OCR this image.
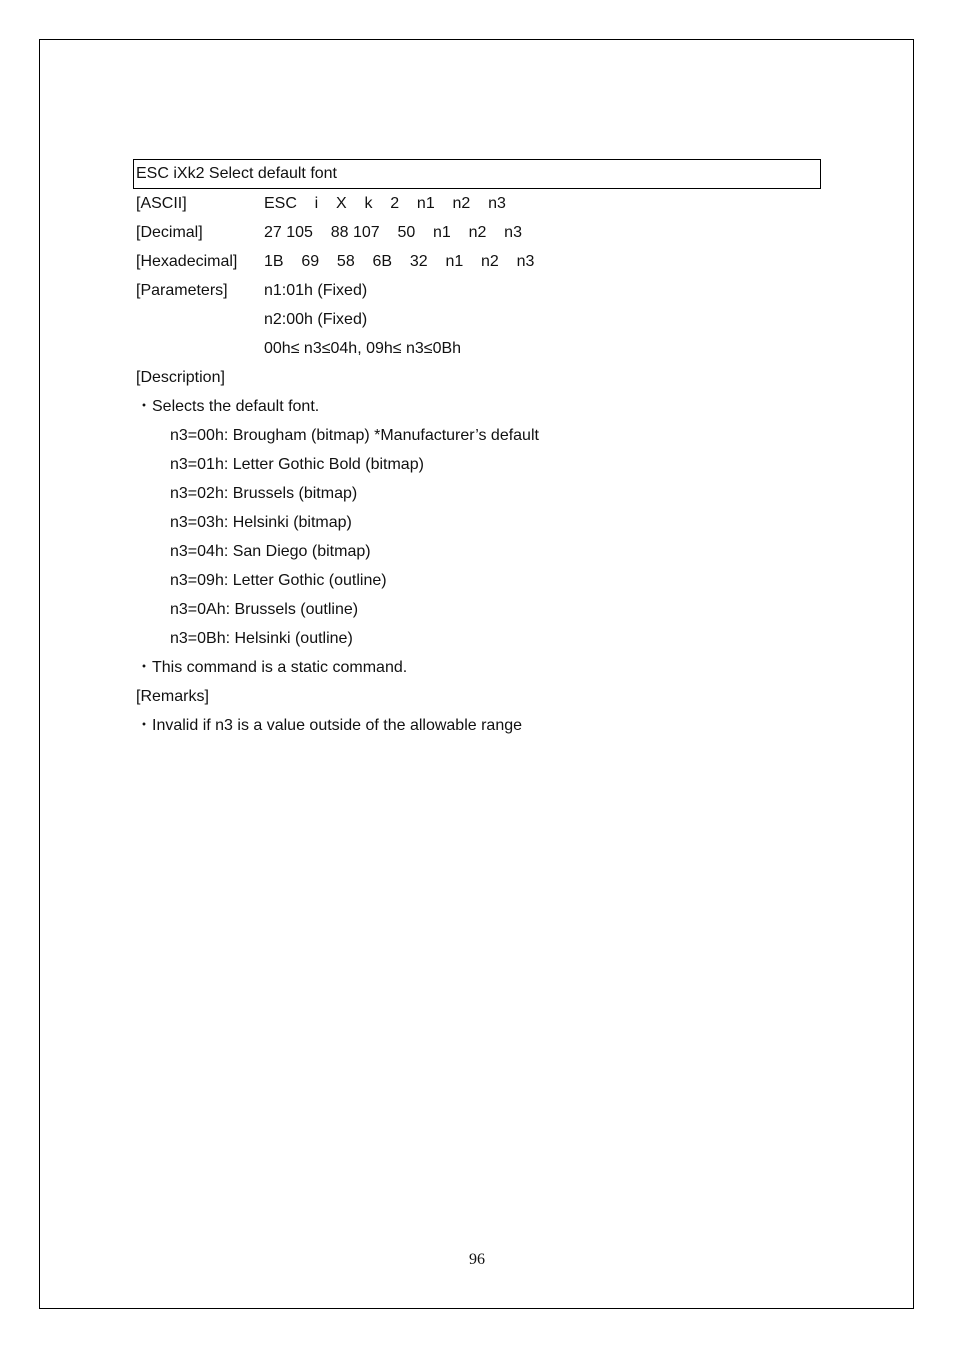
ESC iXk2 Select default font

[ASCII]

	ESC    i    X    k    2    n1    n2    n3

[Decimal]

	27 105    88 107    50    n1    n2    n3

[Hexadecimal]

1B    69    58    6B    32    n1    n2    n3

[Parameters]

n1:01h (Fixed)

n2:00h (Fixed)

00h≤ n3≤04h, 09h≤ n3≤0Bh

[Description]
・Selects the default font.
n3=00h: Brougham (bitmap) *Manufacturer’s default
n3=01h: Letter Gothic Bold (bitmap)
n3=02h: Brussels (bitmap)
n3=03h: Helsinki (bitmap)
n3=04h: San Diego (bitmap)
n3=09h: Letter Gothic (outline)
n3=0Ah: Brussels (outline)
n3=0Bh: Helsinki (outline)
・This command is a static command.
[Remarks]
・Invalid if n3 is a value outside of the allowable range
96
